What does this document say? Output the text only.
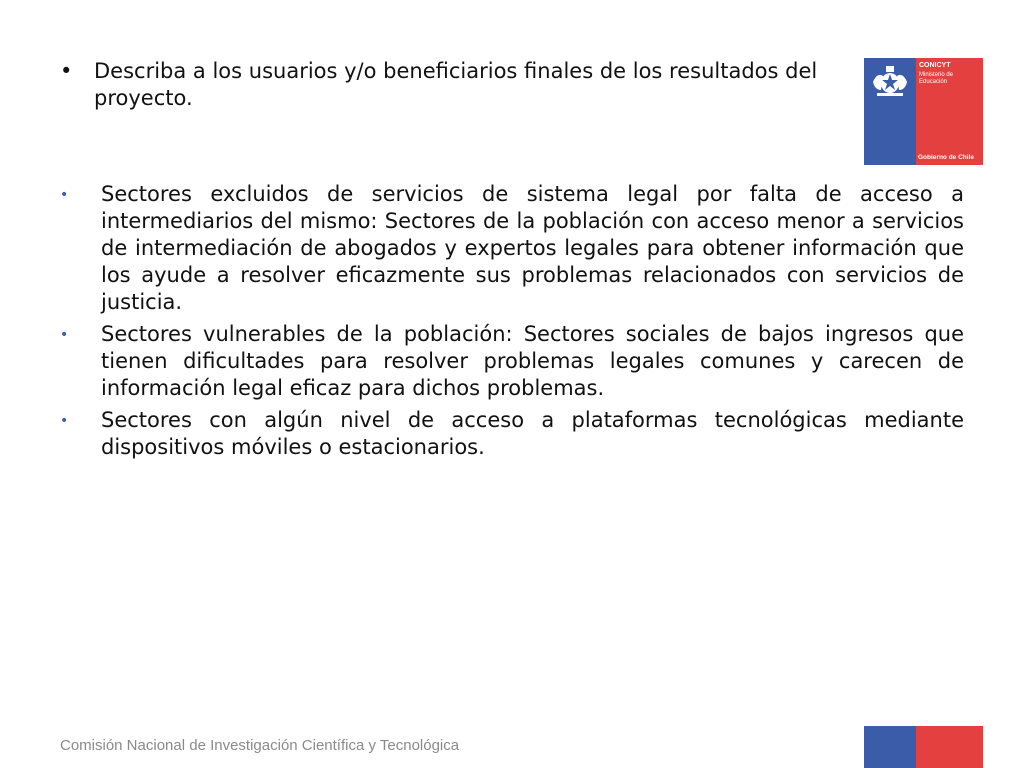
•	Describa a los usuarios y/o beneficiarios finales de los resultados del proyecto.
CONICYT
Ministerio de Educación
Gobierno de Chile
•	Sectores excluidos de servicios de sistema legal por falta de acceso a intermediarios del mismo: Sectores de la población con acceso menor a servicios de intermediación de abogados y expertos legales para obtener información que los ayude a resolver eficazmente sus problemas relacionados con servicios de justicia.
•	Sectores vulnerables de la población: Sectores sociales de bajos ingresos que tienen dificultades para resolver problemas legales comunes y carecen de información legal eficaz para dichos problemas.
•	Sectores con algún nivel de acceso a plataformas tecnológicas mediante dispositivos móviles o estacionarios.
Comisión Nacional de Investigación Científica y Tecnológica
